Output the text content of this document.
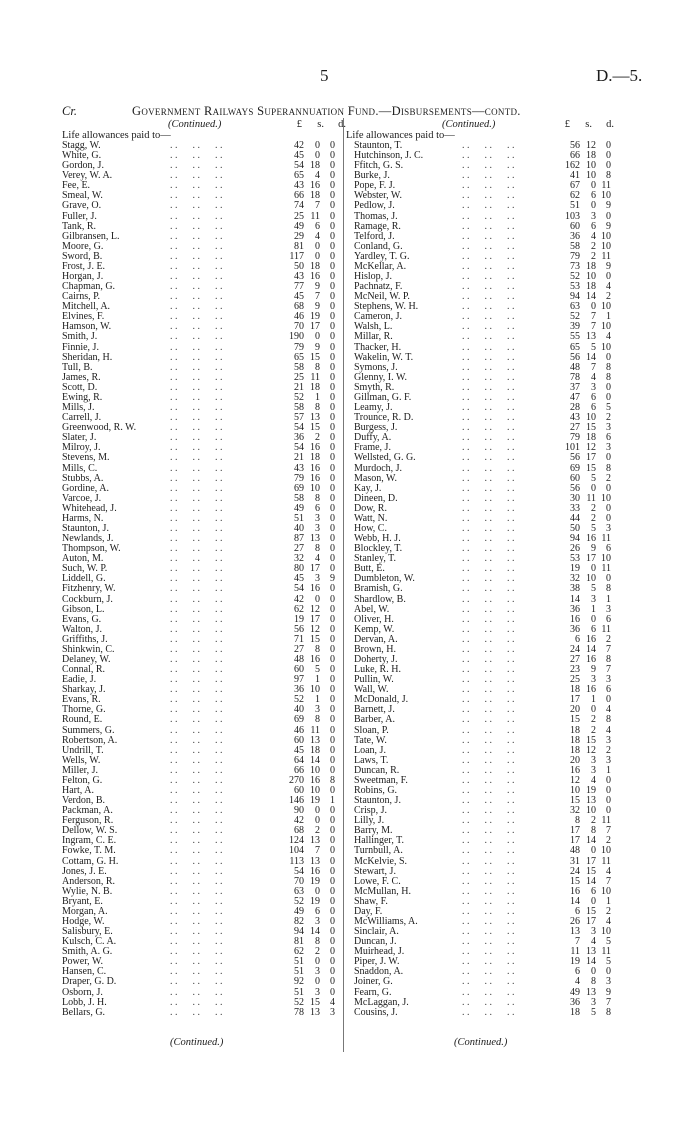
5	D.—5.
Cr.	Government Railways Superannuation Fund.—Disbursements—contd.
(Continued.)	£ s. d.
Life allowances paid to—
Stagg, W.	. .  . .  . .	42 0 0
White, G.	. .  . .  . .	45 0 0
Gordon, J.	. .  . .  . .	54 18 0
Verey, W. A.	. .  . .  . .	65 4 0
Fee, E.	. .  . .  . .	43 16 0
Smeal, W.	. .  . .  . .	66 18 0
Grave, O.	. .  . .  . .	74 7 0
Fuller, J.	. .  . .  . .	25 11 0
Tank, R.	. .  . .  . .	49 6 0
Gilbransen, L.	. .  . .  . .	29 4 0
Moore, G.	. .  . .  . .	81 0 0
Sword, B.	. .  . .  . .	117 0 0
Frost, J. E.	. .  . .  . .	50 18 0
Horgan, J.	. .  . .  . .	43 16 0
Chapman, G.	. .  . .  . .	77 9 0
Cairns, P.	. .  . .  . .	45 7 0
Mitchell, A.	. .  . .  . .	68 9 0
Elvines, F.	. .  . .  . .	46 19 0
Hamson, W.	. .  . .  . .	70 17 0
Smith, J.	. .  . .  . .	190 0 0
Finnie, J.	. .  . .  . .	79 9 0
Sheridan, H.	. .  . .  . .	65 15 0
Tull, B.	. .  . .  . .	58 8 0
James, R.	. .  . .  . .	25 11 0
Scott, D.	. .  . .  . .	21 18 0
Ewing, R.	. .  . .  . .	52 1 0
Mills, J.	. .  . .  . .	58 8 0
Carrell, J.	. .  . .  . .	57 13 0
Greenwood, R. W.	. .  . .  . .	54 15 0
Slater, J.	. .  . .  . .	36 2 0
Milroy, J.	. .  . .  . .	54 16 0
Stevens, M.	. .  . .  . .	21 18 0
Mills, C.	. .  . .  . .	43 16 0
Stubbs, A.	. .  . .  . .	79 16 0
Gordine, A.	. .  . .  . .	69 10 0
Varcoe, J.	. .  . .  . .	58 8 0
Whitehead, J.	. .  . .  . .	49 6 0
Harms, N.	. .  . .  . .	51 3 0
Staunton, J.	. .  . .  . .	40 3 0
Newlands, J.	. .  . .  . .	87 13 0
Thompson, W.	. .  . .  . .	27 8 0
Auton, M.	. .  . .  . .	32 4 0
Such, W. P.	. .  . .  . .	80 17 0
Liddell, G.	. .  . .  . .	45 3 9
Fitzhenry, W.	. .  . .  . .	54 16 0
Cockburn, J.	. .  . .  . .	42 0 0
Gibson, L.	. .  . .  . .	62 12 0
Evans, G.	. .  . .  . .	19 17 0
Walton, J.	. .  . .  . .	56 12 0
Griffiths, J.	. .  . .  . .	71 15 0
Shinkwin, C.	. .  . .  . .	27 8 0
Delaney, W.	. .  . .  . .	48 16 0
Connal, R.	. .  . .  . .	60 5 0
Eadie, J.	. .  . .  . .	97 1 0
Sharkay, J.	. .  . .  . .	36 10 0
Evans, R.	. .  . .  . .	52 1 0
Thorne, G.	. .  . .  . .	40 3 0
Round, E.	. .  . .  . .	69 8 0
Summers, G.	. .  . .  . .	46 11 0
Robertson, A.	. .  . .  . .	60 13 0
Undrill, T.	. .  . .  . .	45 18 0
Wells, W.	. .  . .  . .	64 14 0
Miller, J.	. .  . .  . .	66 10 0
Felton, G.	. .  . .  . .	270 16 8
Hart, A.	. .  . .  . .	60 10 0
Verdon, B.	. .  . .  . .	146 19 1
Packman, A.	. .  . .  . .	90 0 0
Ferguson, R.	. .  . .  . .	42 0 0
Dellow, W. S.	. .  . .  . .	68 2 0
Ingram, C. E.	. .  . .  . .	124 13 0
Fowke, T. M.	. .  . .  . .	104 7 0
Cottam, G. H.	. .  . .  . .	113 13 0
Jones, J. E.	. .  . .  . .	54 16 0
Anderson, R.	. .  . .  . .	70 19 0
Wylie, N. B.	. .  . .  . .	63 0 0
Bryant, E.	. .  . .  . .	52 19 0
Morgan, A.	. .  . .  . .	49 6 0
Hodge, W.	. .  . .  . .	82 3 0
Salisbury, E.	. .  . .  . .	94 14 0
Kulsch, C. A.	. .  . .  . .	81 8 0
Smith, A. G.	. .  . .  . .	62 2 0
Power, W.	. .  . .  . .	51 0 0
Hansen, C.	. .  . .  . .	51 3 0
Draper, G. D.	. .  . .  . .	92 0 0
Osborn, J.	. .  . .  . .	51 3 0
Lobb, J. H.	. .  . .  . .	52 15 4
Bellars, G.	. .  . .  . .	78 13 3
(Continued.)	£ s. d.
Life allowances paid to—
Staunton, T.	. .  . .  . .	56 12 0
Hutchinson, J. C.	. .  . .  . .	66 18 0
Ffitch, G. S.	. .  . .  . .	162 10 0
Burke, J.	. .  . .  . .	41 10 8
Pope, F. J.	. .  . .  . .	67 0 11
Webster, W.	. .  . .  . .	62 6 10
Pedlow, J.	. .  . .  . .	51 0 9
Thomas, J.	. .  . .  . .	103 3 0
Ramage, R.	. .  . .  . .	60 6 9
Telford, J.	. .  . .  . .	36 4 10
Conland, G.	. .  . .  . .	58 2 10
Yardley, T. G.	. .  . .  . .	79 2 11
McKellar, A.	. .  . .  . .	73 18 9
Hislop, J.	. .  . .  . .	52 10 0
Pachnatz, F.	. .  . .  . .	53 18 4
McNeil, W. P.	. .  . .  . .	94 14 2
Stephens, W. H.	. .  . .  . .	63 0 10
Cameron, J.	. .  . .  . .	52 7 1
Walsh, L.	. .  . .  . .	39 7 10
Millar, R.	. .  . .  . .	55 13 4
Thacker, H.	. .  . .  . .	65 5 10
Wakelin, W. T.	. .  . .  . .	56 14 0
Symons, J.	. .  . .  . .	48 7 8
Glenny, I. W.	. .  . .  . .	78 4 8
Smyth, R.	. .  . .  . .	37 3 0
Gillman, G. F.	. .  . .  . .	47 6 0
Leamy, J.	. .  . .  . .	28 6 5
Trounce, R. D.	. .  . .  . .	43 10 2
Burgess, J.	. .  . .  . .	27 15 3
Duffy, A.	. .  . .  . .	79 18 6
Frame, J.	. .  . .  . .	101 12 3
Wellsted, G. G.	. .  . .  . .	56 17 0
Murdoch, J.	. .  . .  . .	69 15 8
Mason, W.	. .  . .  . .	60 5 2
Kay, J.	. .  . .  . .	56 0 0
Dineen, D.	. .  . .  . .	30 11 10
Dow, R.	. .  . .  . .	33 2 0
Watt, N.	. .  . .  . .	44 2 0
How, C.	. .  . .  . .	50 5 3
Webb, H. J.	. .  . .  . .	94 16 11
Blockley, T.	. .  . .  . .	26 9 6
Stanley, T.	. .  . .  . .	53 17 10
Butt, E.	. .  . .  . .	19 0 11
Dumbleton, W.	. .  . .  . .	32 10 0
Bramish, G.	. .  . .  . .	38 5 8
Shardlow, B.	. .  . .  . .	14 3 1
Abel, W.	. .  . .  . .	36 1 3
Oliver, H.	. .  . .  . .	16 0 6
Kemp, W.	. .  . .  . .	36 6 11
Dervan, A.	. .  . .  . .	6 16 2
Brown, H.	. .  . .  . .	24 14 7
Doherty, J.	. .  . .  . .	27 16 8
Luke, R. H.	. .  . .  . .	23 9 7
Pullin, W.	. .  . .  . .	25 3 3
Wall, W.	. .  . .  . .	18 16 6
McDonald, J.	. .  . .  . .	17 1 0
Barnett, J.	. .  . .  . .	20 0 4
Barber, A.	. .  . .  . .	15 2 8
Sloan, P.	. .  . .  . .	18 2 4
Tate, W.	. .  . .  . .	18 15 3
Loan, J.	. .  . .  . .	18 12 2
Laws, T.	. .  . .  . .	20 3 3
Duncan, R.	. .  . .  . .	16 3 1
Sweetman, F.	. .  . .  . .	12 4 0
Robins, G.	. .  . .  . .	10 19 0
Staunton, J.	. .  . .  . .	15 13 0
Crisp, J.	. .  . .  . .	32 10 0
Lilly, J.	. .  . .  . .	8 2 11
Barry, M.	. .  . .  . .	17 8 7
Hallinger, T.	. .  . .  . .	17 14 2
Turnbull, A.	. .  . .  . .	48 0 10
McKelvie, S.	. .  . .  . .	31 17 11
Stewart, J.	. .  . .  . .	24 15 4
Lowe, F. C.	. .  . .  . .	15 14 7
McMullan, H.	. .  . .  . .	16 6 10
Shaw, F.	. .  . .  . .	14 0 1
Day, F.	. .  . .  . .	6 15 2
McWilliams, A.	. .  . .  . .	26 17 4
Sinclair, A.	. .  . .  . .	13 3 10
Duncan, J.	. .  . .  . .	7 4 5
Muirhead, J.	. .  . .  . .	11 13 11
Piper, J. W.	. .  . .  . .	19 14 5
Snaddon, A.	. .  . .  . .	6 0 0
Joiner, G.	. .  . .  . .	4 8 3
Fearn, G.	. .  . .  . .	49 13 9
McLaggan, J.	. .  . .  . .	36 3 7
Cousins, J.	. .  . .  . .	18 5 8
(Continued.)	(Continued.)
